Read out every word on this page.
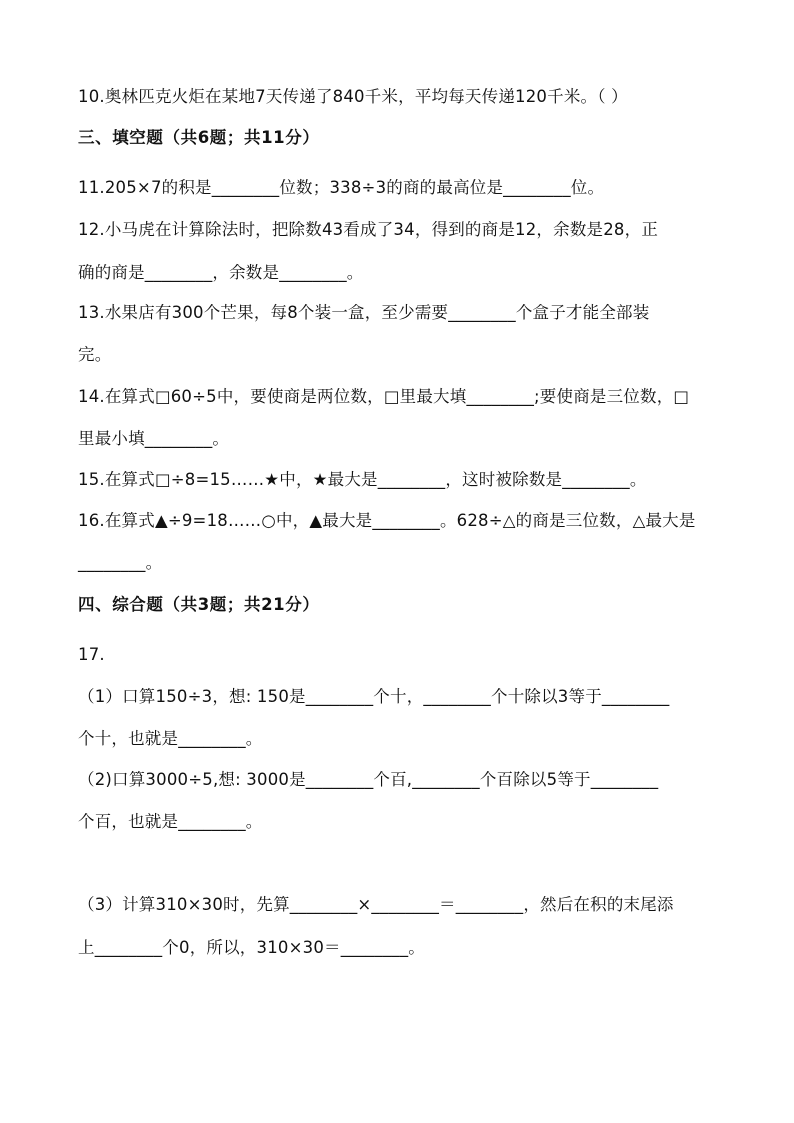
10.奥林匹克火炬在某地7天传递了840千米，平均每天传递120千米。（ ）
三、填空题（共6题；共11分）
11.205×7的积是________位数；338÷3的商的最高位是________位。
12.小马虎在计算除法时，把除数43看成了34，得到的商是12，余数是28，正
确的商是________，余数是________。
13.水果店有300个芒果，每8个装一盒，至少需要________个盒子才能全部装
完。
14.在算式□60÷5中，要使商是两位数，□里最大填________;要使商是三位数，□
里最小填________。
15.在算式□÷8=15……★中，★最大是________，这时被除数是________。
16.在算式▲÷9=18……○中，▲最大是________。628÷△的商是三位数，△最大是
________。
四、综合题（共3题；共21分）
17.
（1）口算150÷3，想: 150是________个十，________个十除以3等于________
个十，也就是________。
（2)口算3000÷5,想: 3000是________个百,________个百除以5等于________
个百，也就是________。
（3）计算310×30时，先算________×________＝________，然后在积的末尾添
上________个0，所以，310×30＝________。
